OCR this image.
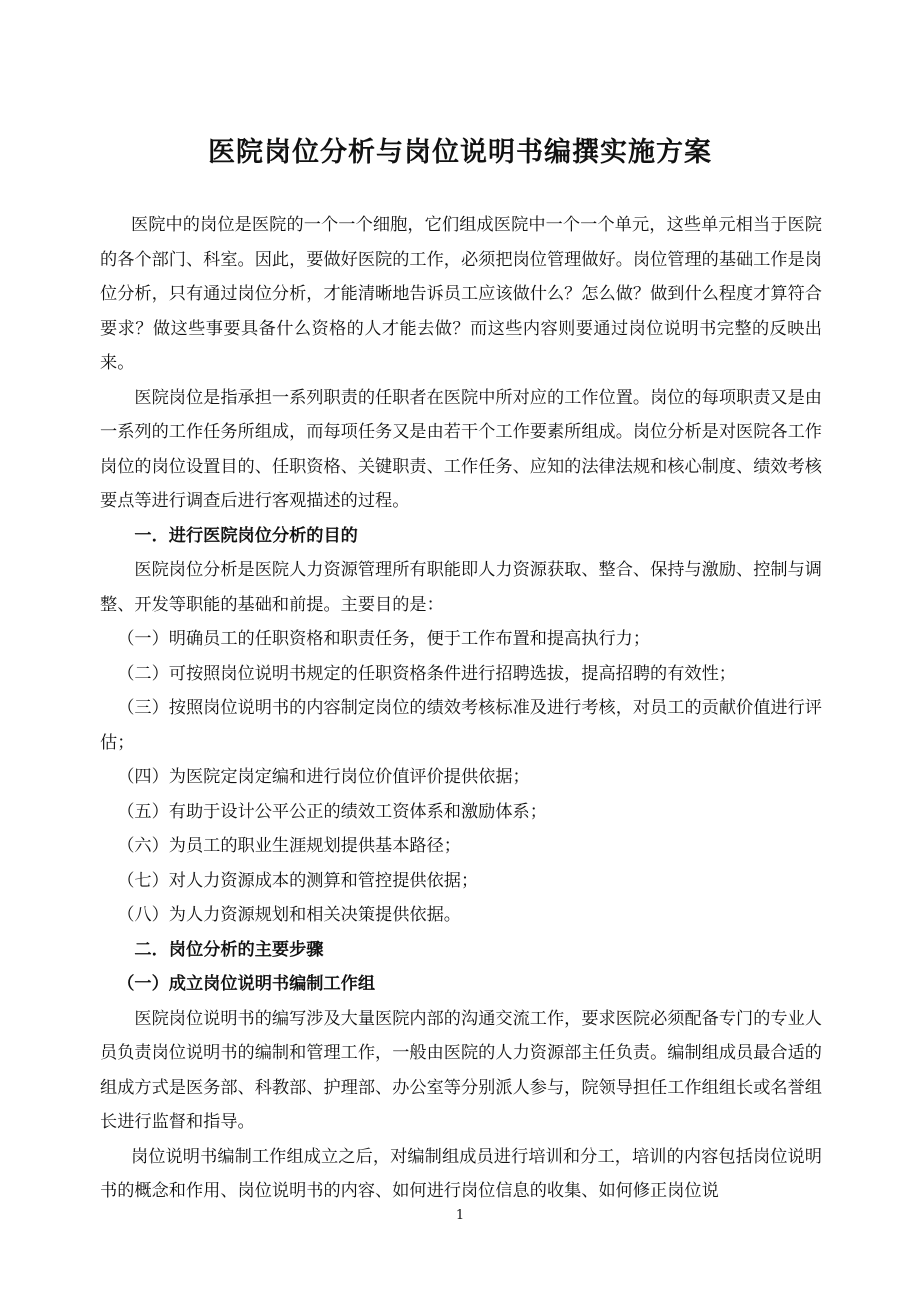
医院岗位分析与岗位说明书编撰实施方案

医院中的岗位是医院的一个一个细胞，它们组成医院中一个一个单元，这些单元相当于医院的各个部门、科室。因此，要做好医院的工作，必须把岗位管理做好。岗位管理的基础工作是岗位分析，只有通过岗位分析，才能清晰地告诉员工应该做什么？怎么做？做到什么程度才算符合要求？做这些事要具备什么资格的人才能去做？而这些内容则要通过岗位说明书完整的反映出来。

医院岗位是指承担一系列职责的任职者在医院中所对应的工作位置。岗位的每项职责又是由一系列的工作任务所组成，而每项任务又是由若干个工作要素所组成。岗位分析是对医院各工作岗位的岗位设置目的、任职资格、关键职责、工作任务、应知的法律法规和核心制度、绩效考核要点等进行调查后进行客观描述的过程。

一．进行医院岗位分析的目的

医院岗位分析是医院人力资源管理所有职能即人力资源获取、整合、保持与激励、控制与调整、开发等职能的基础和前提。主要目的是：

（一）明确员工的任职资格和职责任务，便于工作布置和提高执行力；

（二）可按照岗位说明书规定的任职资格条件进行招聘选拔，提高招聘的有效性；

（三）按照岗位说明书的内容制定岗位的绩效考核标准及进行考核，对员工的贡献价值进行评估；

（四）为医院定岗定编和进行岗位价值评价提供依据；

（五）有助于设计公平公正的绩效工资体系和激励体系；

（六）为员工的职业生涯规划提供基本路径；

（七）对人力资源成本的测算和管控提供依据；

（八）为人力资源规划和相关决策提供依据。

二．岗位分析的主要步骤

（一）成立岗位说明书编制工作组

医院岗位说明书的编写涉及大量医院内部的沟通交流工作，要求医院必须配备专门的专业人员负责岗位说明书的编制和管理工作，一般由医院的人力资源部主任负责。编制组成员最合适的组成方式是医务部、科教部、护理部、办公室等分别派人参与，院领导担任工作组组长或名誉组长进行监督和指导。

岗位说明书编制工作组成立之后，对编制组成员进行培训和分工，培训的内容包括岗位说明书的概念和作用、岗位说明书的内容、如何进行岗位信息的收集、如何修正岗位说

1
